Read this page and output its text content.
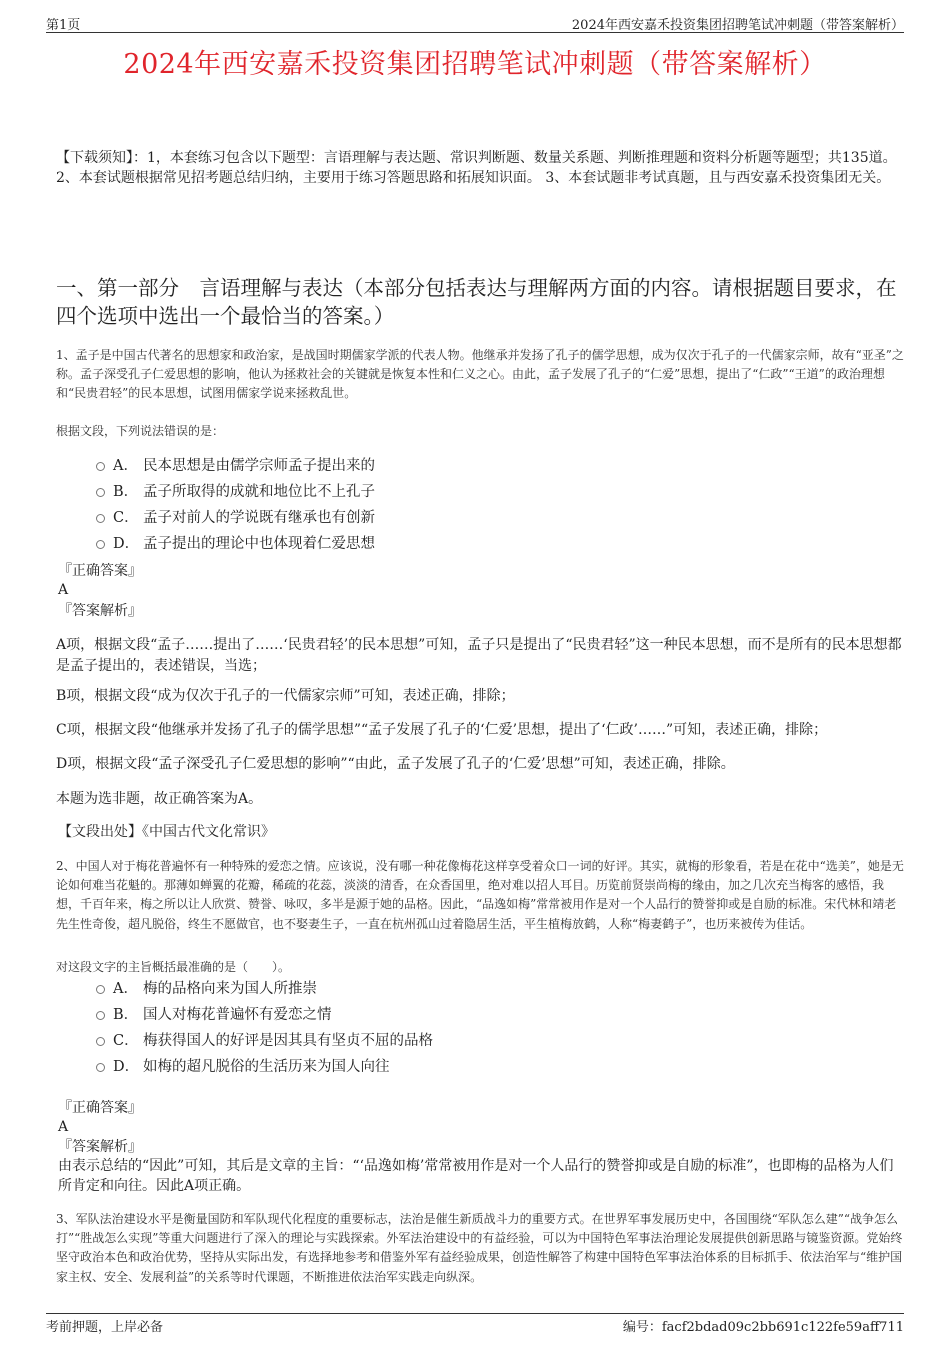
第1页	2024年西安嘉禾投资集团招聘笔试冲刺题（带答案解析）
2024年西安嘉禾投资集团招聘笔试冲刺题（带答案解析）
【下载须知】：1，本套练习包含以下题型：言语理解与表达题、常识判断题、数量关系题、判断推理题和资料分析题等题型；共135道。 2、本套试题根据常见招考题总结归纳，主要用于练习答题思路和拓展知识面。 3、本套试题非考试真题，且与西安嘉禾投资集团无关。
一、第一部分　言语理解与表达（本部分包括表达与理解两方面的内容。请根据题目要求，在四个选项中选出一个最恰当的答案。）
1、孟子是中国古代著名的思想家和政治家，是战国时期儒家学派的代表人物。他继承并发扬了孔子的儒学思想，成为仅次于孔子的一代儒家宗师，故有“亚圣”之称。孟子深受孔子仁爱思想的影响，他认为拯救社会的关键就是恢复本性和仁义之心。由此，孟子发展了孔子的“仁爱”思想，提出了“仁政”“王道”的政治理想和“民贵君轻”的民本思想，试图用儒家学说来拯救乱世。
根据文段，下列说法错误的是：
A． 民本思想是由儒学宗师孟子提出来的
B． 孟子所取得的成就和地位比不上孔子
C． 孟子对前人的学说既有继承也有创新
D． 孟子提出的理论中也体现着仁爱思想
『正确答案』
A
『答案解析』
A项，根据文段“孟子……提出了……‘民贵君轻’的民本思想”可知，孟子只是提出了“民贵君轻”这一种民本思想，而不是所有的民本思想都是孟子提出的，表述错误，当选；
B项，根据文段“成为仅次于孔子的一代儒家宗师”可知，表述正确，排除；
C项，根据文段“他继承并发扬了孔子的儒学思想”“孟子发展了孔子的‘仁爱’思想，提出了‘仁政’……”可知，表述正确，排除；
D项，根据文段“孟子深受孔子仁爱思想的影响”“由此，孟子发展了孔子的‘仁爱’思想”可知，表述正确，排除。
本题为选非题，故正确答案为A。
【文段出处】《中国古代文化常识》
2、中国人对于梅花普遍怀有一种特殊的爱恋之情。应该说，没有哪一种花像梅花这样享受着众口一词的好评。其实，就梅的形象看，若是在花中“选美”，她是无论如何难当花魁的。那薄如蝉翼的花瓣，稀疏的花蕊，淡淡的清香，在众香国里，绝对难以招人耳目。历览前贤崇尚梅的缘由，加之几次充当梅客的感悟，我想，千百年来，梅之所以让人欣赏、赞誉、咏叹，多半是源于她的品格。因此，“品逸如梅”常常被用作是对一个人品行的赞誉抑或是自励的标准。宋代林和靖老先生性奇俊，超凡脱俗，终生不愿做官，也不娶妻生子，一直在杭州孤山过着隐居生活，平生植梅放鹤，人称“梅妻鹤子”，也历来被传为佳话。
对这段文字的主旨概括最准确的是（　　）。
A． 梅的品格向来为国人所推崇
B． 国人对梅花普遍怀有爱恋之情
C． 梅获得国人的好评是因其具有坚贞不屈的品格
D． 如梅的超凡脱俗的生活历来为国人向往
『正确答案』
A
『答案解析』
由表示总结的“因此”可知，其后是文章的主旨：“‘品逸如梅’常常被用作是对一个人品行的赞誉抑或是自励的标准”，也即梅的品格为人们所肯定和向往。因此A项正确。
3、军队法治建设水平是衡量国防和军队现代化程度的重要标志，法治是催生新质战斗力的重要方式。在世界军事发展历史中，各国围绕“军队怎么建”“战争怎么打”“胜战怎么实现”等重大问题进行了深入的理论与实践探索。外军法治建设中的有益经验，可以为中国特色军事法治理论发展提供创新思路与镜鉴资源。党始终坚守政治本色和政治优势，坚持从实际出发，有选择地参考和借鉴外军有益经验成果，创造性解答了构建中国特色军事法治体系的目标抓手、依法治军与“维护国家主权、安全、发展利益”的关系等时代课题，不断推进依法治军实践走向纵深。
考前押题，上岸必备	编号：facf2bdad09c2bb691c122fe59aff711
